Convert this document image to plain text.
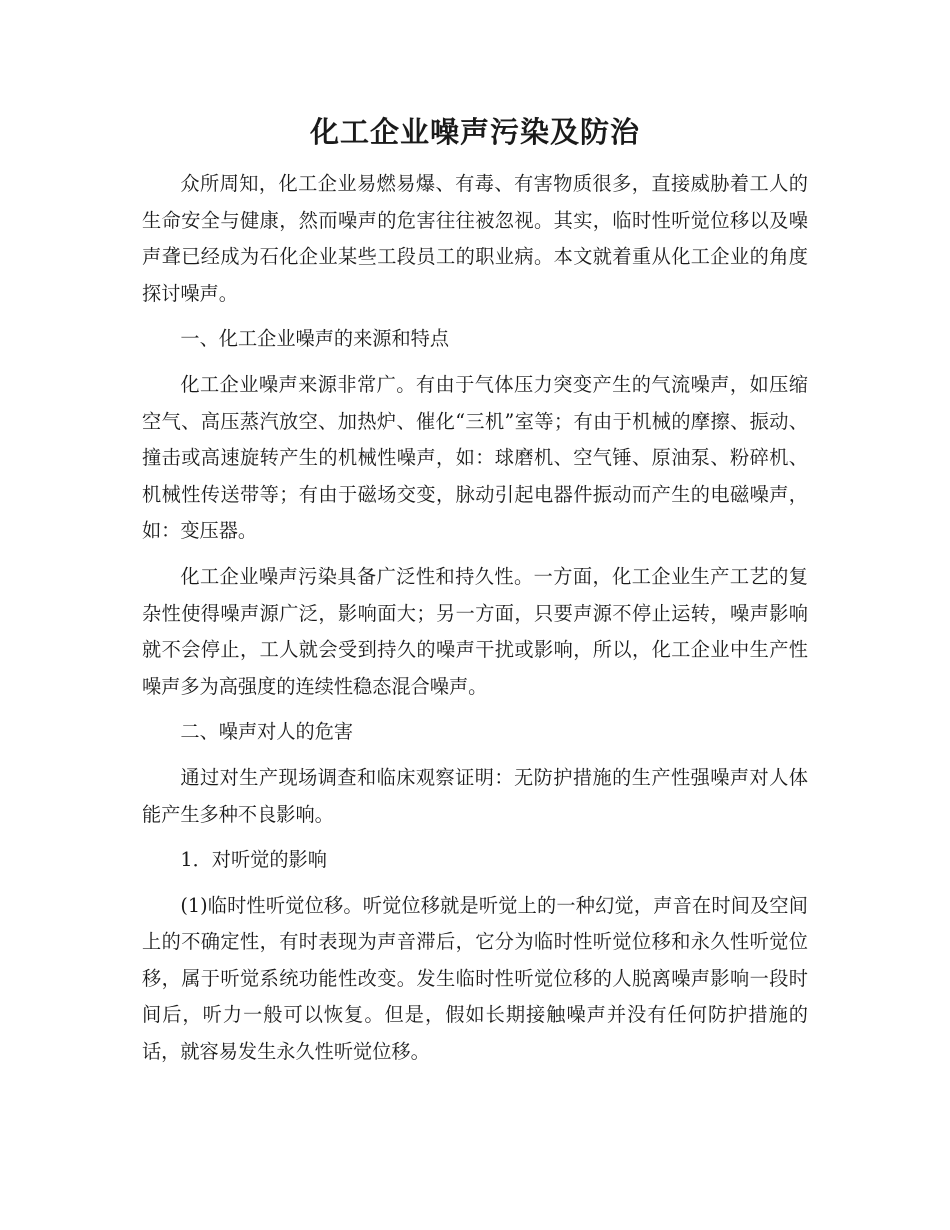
化工企业噪声污染及防治

众所周知，化工企业易燃易爆、有毒、有害物质很多，直接威胁着工人的生命安全与健康，然而噪声的危害往往被忽视。其实，临时性听觉位移以及噪声聋已经成为石化企业某些工段员工的职业病。本文就着重从化工企业的角度探讨噪声。

一、化工企业噪声的来源和特点

化工企业噪声来源非常广。有由于气体压力突变产生的气流噪声，如压缩空气、高压蒸汽放空、加热炉、催化“三机”室等；有由于机械的摩擦、振动、撞击或高速旋转产生的机械性噪声，如：球磨机、空气锤、原油泵、粉碎机、机械性传送带等；有由于磁场交变，脉动引起电器件振动而产生的电磁噪声，如：变压器。

化工企业噪声污染具备广泛性和持久性。一方面，化工企业生产工艺的复杂性使得噪声源广泛，影响面大；另一方面，只要声源不停止运转，噪声影响就不会停止，工人就会受到持久的噪声干扰或影响，所以，化工企业中生产性噪声多为高强度的连续性稳态混合噪声。

二、噪声对人的危害

通过对生产现场调查和临床观察证明：无防护措施的生产性强噪声对人体能产生多种不良影响。

1．对听觉的影响

(1)临时性听觉位移。听觉位移就是听觉上的一种幻觉，声音在时间及空间上的不确定性，有时表现为声音滞后，它分为临时性听觉位移和永久性听觉位移，属于听觉系统功能性改变。发生临时性听觉位移的人脱离噪声影响一段时间后，听力一般可以恢复。但是，假如长期接触噪声并没有任何防护措施的话，就容易发生永久性听觉位移。
